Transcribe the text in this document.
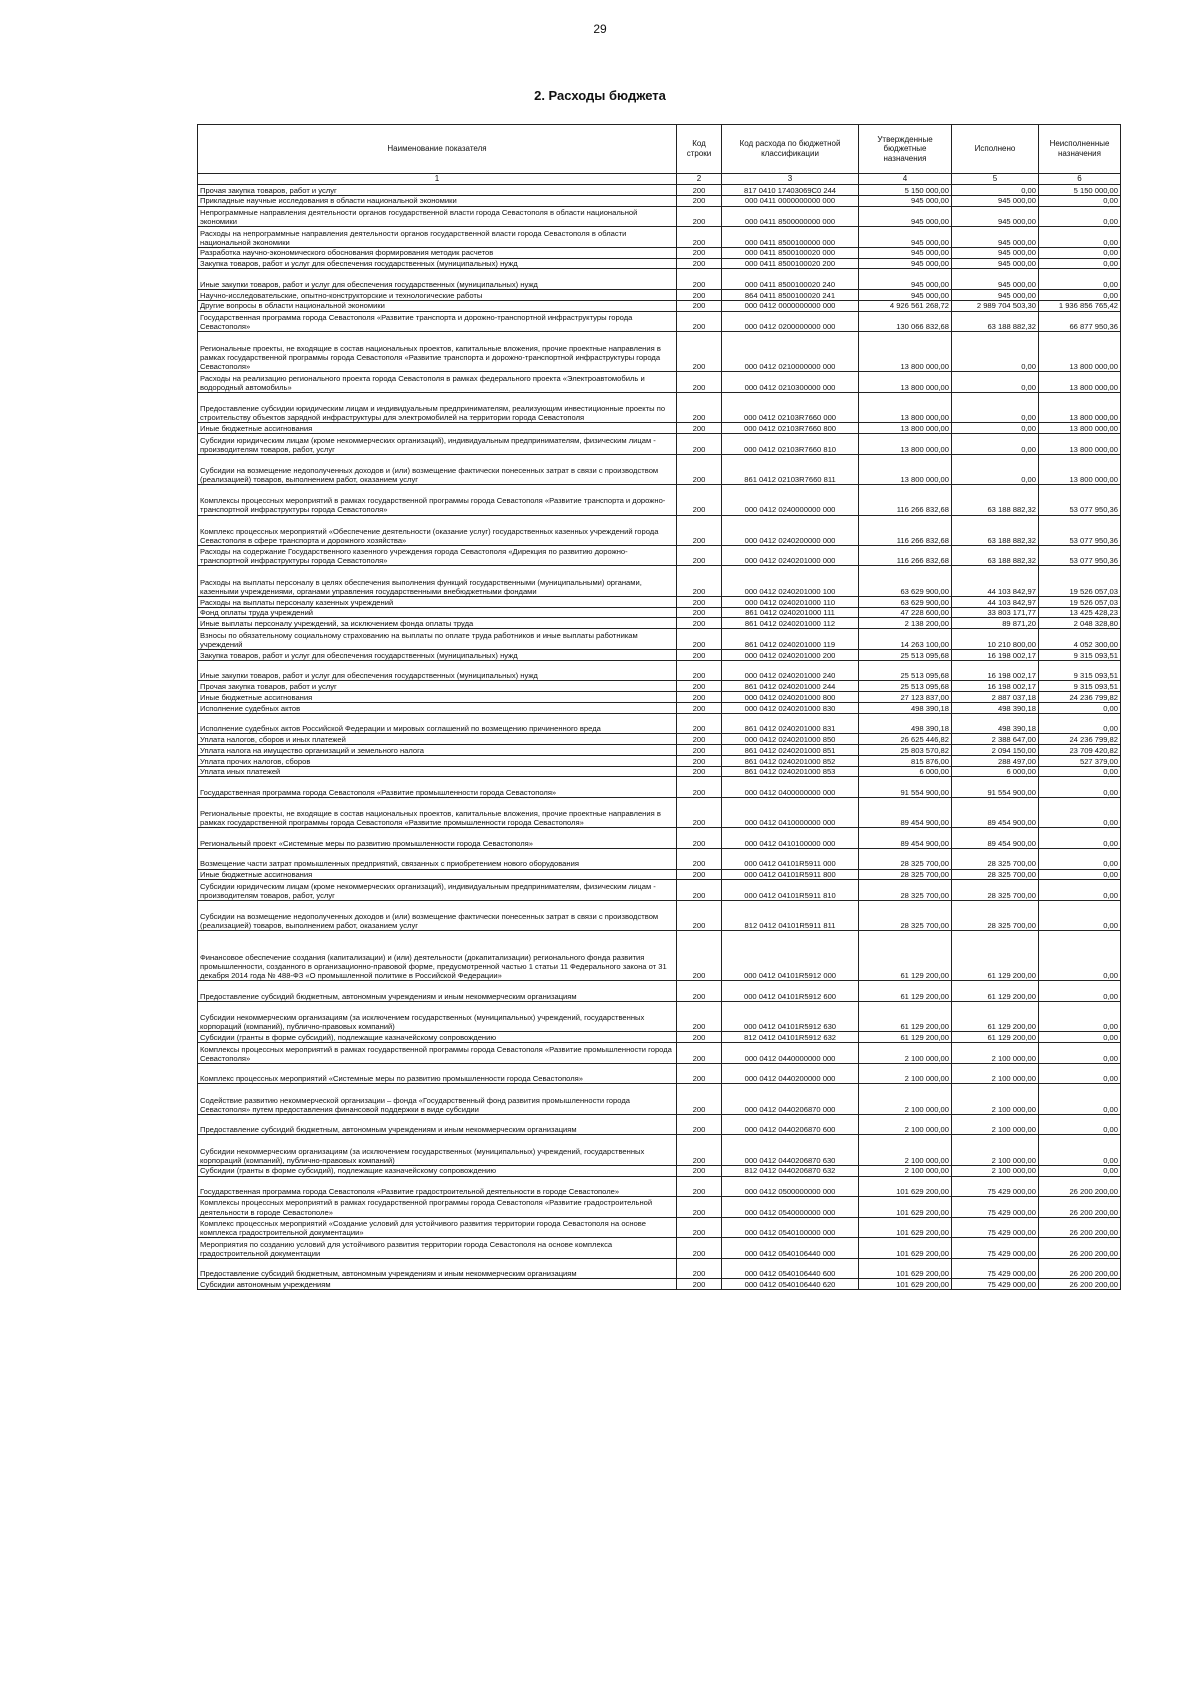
29
2. Расходы бюджета
Наименование показателя	Код строки	Код расхода по бюджетной классификации	Утвержденные бюджетные назначения	Исполнено	Неисполненные назначения
1	2	3	4	5	6
Прочая закупка товаров, работ и услуг	200	817 0410 17403069C0 244	5 150 000,00	0,00	5 150 000,00
Прикладные научные исследования в области национальной экономики	200	000 0411 0000000000 000	945 000,00	945 000,00	0,00
Непрограммные направления деятельности органов государственной власти города Севастополя в области национальной экономики	200	000 0411 8500000000 000	945 000,00	945 000,00	0,00
Расходы на непрограммные направления деятельности органов государственной власти города Севастополя в области национальной экономики	200	000 0411 8500100000 000	945 000,00	945 000,00	0,00
Разработка научно-экономического обоснования формирования методик расчетов	200	000 0411 8500100020 000	945 000,00	945 000,00	0,00
Закупка товаров, работ и услуг для обеспечения государственных (муниципальных) нужд	200	000 0411 8500100020 200	945 000,00	945 000,00	0,00
Иные закупки товаров, работ и услуг для обеспечения государственных (муниципальных) нужд	200	000 0411 8500100020 240	945 000,00	945 000,00	0,00
Научно-исследовательские, опытно-конструкторские и технологические работы	200	864 0411 8500100020 241	945 000,00	945 000,00	0,00
Другие вопросы в области национальной экономики	200	000 0412 0000000000 000	4 926 561 268,72	2 989 704 503,30	1 936 856 765,42
Государственная программа города Севастополя «Развитие транспорта и дорожно-транспортной инфраструктуры города Севастополя»	200	000 0412 0200000000 000	130 066 832,68	63 188 882,32	66 877 950,36
Региональные проекты, не входящие в состав национальных проектов, капитальные вложения, прочие проектные направления в рамках государственной программы города Севастополя «Развитие транспорта и дорожно-транспортной инфраструктуры города Севастополя»	200	000 0412 0210000000 000	13 800 000,00	0,00	13 800 000,00
Расходы на реализацию регионального проекта города Севастополя в рамках федерального проекта «Электроавтомобиль и водородный автомобиль»	200	000 0412 0210300000 000	13 800 000,00	0,00	13 800 000,00
Предоставление субсидии юридическим лицам и индивидуальным предпринимателям, реализующим инвестиционные проекты по строительству объектов зарядной инфраструктуры для электромобилей на территории города Севастополя	200	000 0412 02103R7660 000	13 800 000,00	0,00	13 800 000,00
Иные бюджетные ассигнования	200	000 0412 02103R7660 800	13 800 000,00	0,00	13 800 000,00
Субсидии юридическим лицам (кроме некоммерческих организаций), индивидуальным предпринимателям, физическим лицам - производителям товаров, работ, услуг	200	000 0412 02103R7660 810	13 800 000,00	0,00	13 800 000,00
Субсидии на возмещение недополученных доходов и (или) возмещение фактически понесенных затрат в связи с производством (реализацией) товаров, выполнением работ, оказанием услуг	200	861 0412 02103R7660 811	13 800 000,00	0,00	13 800 000,00
Комплексы процессных мероприятий в рамках государственной программы города Севастополя «Развитие транспорта и дорожно-транспортной инфраструктуры города Севастополя»	200	000 0412 0240000000 000	116 266 832,68	63 188 882,32	53 077 950,36
Комплекс процессных мероприятий «Обеспечение деятельности (оказание услуг) государственных казенных учреждений города Севастополя в сфере транспорта и дорожного хозяйства»	200	000 0412 0240200000 000	116 266 832,68	63 188 882,32	53 077 950,36
Расходы на содержание Государственного казенного учреждения города Севастополя «Дирекция по развитию дорожно-транспортной инфраструктуры города Севастополя»	200	000 0412 0240201000 000	116 266 832,68	63 188 882,32	53 077 950,36
Расходы на выплаты персоналу в целях обеспечения выполнения функций государственными (муниципальными) органами, казенными учреждениями, органами управления государственными внебюджетными фондами	200	000 0412 0240201000 100	63 629 900,00	44 103 842,97	19 526 057,03
Расходы на выплаты персоналу казенных учреждений	200	000 0412 0240201000 110	63 629 900,00	44 103 842,97	19 526 057,03
Фонд оплаты труда учреждений	200	861 0412 0240201000 111	47 228 600,00	33 803 171,77	13 425 428,23
Иные выплаты персоналу учреждений, за исключением фонда оплаты труда	200	861 0412 0240201000 112	2 138 200,00	89 871,20	2 048 328,80
Взносы по обязательному социальному страхованию на выплаты по оплате труда работников и иные выплаты работникам учреждений	200	861 0412 0240201000 119	14 263 100,00	10 210 800,00	4 052 300,00
Закупка товаров, работ и услуг для обеспечения государственных (муниципальных) нужд	200	000 0412 0240201000 200	25 513 095,68	16 198 002,17	9 315 093,51
Иные закупки товаров, работ и услуг для обеспечения государственных (муниципальных) нужд	200	000 0412 0240201000 240	25 513 095,68	16 198 002,17	9 315 093,51
Прочая закупка товаров, работ и услуг	200	861 0412 0240201000 244	25 513 095,68	16 198 002,17	9 315 093,51
Иные бюджетные ассигнования	200	000 0412 0240201000 800	27 123 837,00	2 887 037,18	24 236 799,82
Исполнение судебных актов	200	000 0412 0240201000 830	498 390,18	498 390,18	0,00
Исполнение судебных актов Российской Федерации и мировых соглашений по возмещению причиненного вреда	200	861 0412 0240201000 831	498 390,18	498 390,18	0,00
Уплата налогов, сборов и иных платежей	200	000 0412 0240201000 850	26 625 446,82	2 388 647,00	24 236 799,82
Уплата налога на имущество организаций и земельного налога	200	861 0412 0240201000 851	25 803 570,82	2 094 150,00	23 709 420,82
Уплата прочих налогов, сборов	200	861 0412 0240201000 852	815 876,00	288 497,00	527 379,00
Уплата иных платежей	200	861 0412 0240201000 853	6 000,00	6 000,00	0,00
Государственная программа города Севастополя «Развитие промышленности города Севастополя»	200	000 0412 0400000000 000	91 554 900,00	91 554 900,00	0,00
Региональные проекты, не входящие в состав национальных проектов, капитальные вложения, прочие проектные направления в рамках государственной программы города Севастополя «Развитие промышленности города Севастополя»	200	000 0412 0410000000 000	89 454 900,00	89 454 900,00	0,00
Региональный проект «Системные меры по развитию промышленности города Севастополя»	200	000 0412 0410100000 000	89 454 900,00	89 454 900,00	0,00
Возмещение части затрат промышленных предприятий, связанных с приобретением нового оборудования	200	000 0412 04101R5911 000	28 325 700,00	28 325 700,00	0,00
Иные бюджетные ассигнования	200	000 0412 04101R5911 800	28 325 700,00	28 325 700,00	0,00
Субсидии юридическим лицам (кроме некоммерческих организаций), индивидуальным предпринимателям, физическим лицам - производителям товаров, работ, услуг	200	000 0412 04101R5911 810	28 325 700,00	28 325 700,00	0,00
Субсидии на возмещение недополученных доходов и (или) возмещение фактически понесенных затрат в связи с производством (реализацией) товаров, выполнением работ, оказанием услуг	200	812 0412 04101R5911 811	28 325 700,00	28 325 700,00	0,00
Финансовое обеспечение создания (капитализации) и (или) деятельности (докапитализации) регионального фонда развития промышленности, созданного в организационно-правовой форме, предусмотренной частью 1 статьи 11 Федерального закона от 31 декабря 2014 года № 488-ФЗ «О промышленной политике в Российской Федерации»	200	000 0412 04101R5912 000	61 129 200,00	61 129 200,00	0,00
Предоставление субсидий бюджетным, автономным учреждениям и иным некоммерческим организациям	200	000 0412 04101R5912 600	61 129 200,00	61 129 200,00	0,00
Субсидии некоммерческим организациям (за исключением государственных (муниципальных) учреждений, государственных корпораций (компаний), публично-правовых компаний)	200	000 0412 04101R5912 630	61 129 200,00	61 129 200,00	0,00
Субсидии (гранты в форме субсидий), подлежащие казначейскому сопровождению	200	812 0412 04101R5912 632	61 129 200,00	61 129 200,00	0,00
Комплексы процессных мероприятий в рамках государственной программы города Севастополя «Развитие промышленности города Севастополя»	200	000 0412 0440000000 000	2 100 000,00	2 100 000,00	0,00
Комплекс процессных мероприятий «Системные меры по развитию промышленности города Севастополя»	200	000 0412 0440200000 000	2 100 000,00	2 100 000,00	0,00
Содействие развитию некоммерческой организации – фонда «Государственный фонд развития промышленности города Севастополя» путем предоставления финансовой поддержки в виде субсидии	200	000 0412 0440206870 000	2 100 000,00	2 100 000,00	0,00
Предоставление субсидий бюджетным, автономным учреждениям и иным некоммерческим организациям	200	000 0412 0440206870 600	2 100 000,00	2 100 000,00	0,00
Субсидии некоммерческим организациям (за исключением государственных (муниципальных) учреждений, государственных корпораций (компаний), публично-правовых компаний)	200	000 0412 0440206870 630	2 100 000,00	2 100 000,00	0,00
Субсидии (гранты в форме субсидий), подлежащие казначейскому сопровождению	200	812 0412 0440206870 632	2 100 000,00	2 100 000,00	0,00
Государственная программа города Севастополя «Развитие градостроительной деятельности в городе Севастополе»	200	000 0412 0500000000 000	101 629 200,00	75 429 000,00	26 200 200,00
Комплексы процессных мероприятий в рамках государственной программы города Севастополя «Развитие градостроительной деятельности в городе Севастополе»	200	000 0412 0540000000 000	101 629 200,00	75 429 000,00	26 200 200,00
Комплекс процессных мероприятий «Создание условий для устойчивого развития территории города Севастополя на основе комплекса градостроительной документации»	200	000 0412 0540100000 000	101 629 200,00	75 429 000,00	26 200 200,00
Мероприятия по созданию условий для устойчивого развития территории города Севастополя на основе комплекса градостроительной документации	200	000 0412 0540106440 000	101 629 200,00	75 429 000,00	26 200 200,00
Предоставление субсидий бюджетным, автономным учреждениям и иным некоммерческим организациям	200	000 0412 0540106440 600	101 629 200,00	75 429 000,00	26 200 200,00
Субсидии автономным учреждениям	200	000 0412 0540106440 620	101 629 200,00	75 429 000,00	26 200 200,00
